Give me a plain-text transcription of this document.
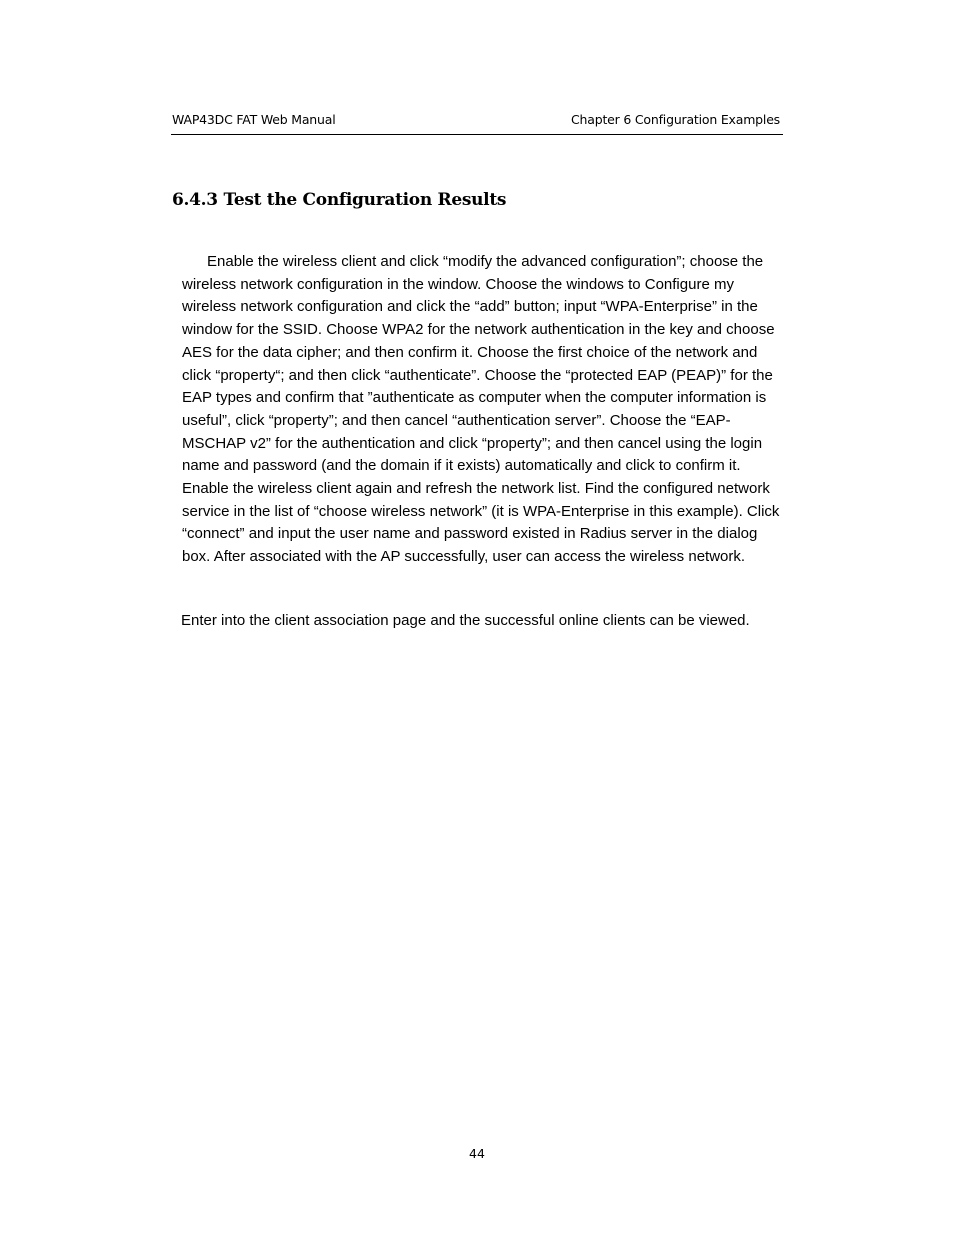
WAP43DC FAT Web Manual	Chapter 6 Configuration Examples
6.4.3 Test the Configuration Results

Enable the wireless client and click “modify the advanced configuration”; choose the wireless network configuration in the window. Choose the windows to Configure my wireless network configuration and click the “add” button; input “WPA-Enterprise” in the window for the SSID. Choose WPA2 for the network authentication in the key and choose AES for the data cipher; and then confirm it. Choose the first choice of the network and click “property“; and then click “authenticate”. Choose the “protected EAP (PEAP)” for the EAP types and confirm that ”authenticate as computer when the computer information is useful”, click “property”; and then cancel “authentication server”. Choose the “EAP-MSCHAP v2” for the authentication and click “property”; and then cancel using the login name and password (and the domain if it exists) automatically and click to confirm it. Enable the wireless client again and refresh the network list. Find the configured network service in the list of “choose wireless network” (it is WPA-Enterprise in this example). Click “connect” and input the user name and password existed in Radius server in the dialog box. After associated with the AP successfully, user can access the wireless network.

Enter into the client association page and the successful online clients can be viewed.

44
